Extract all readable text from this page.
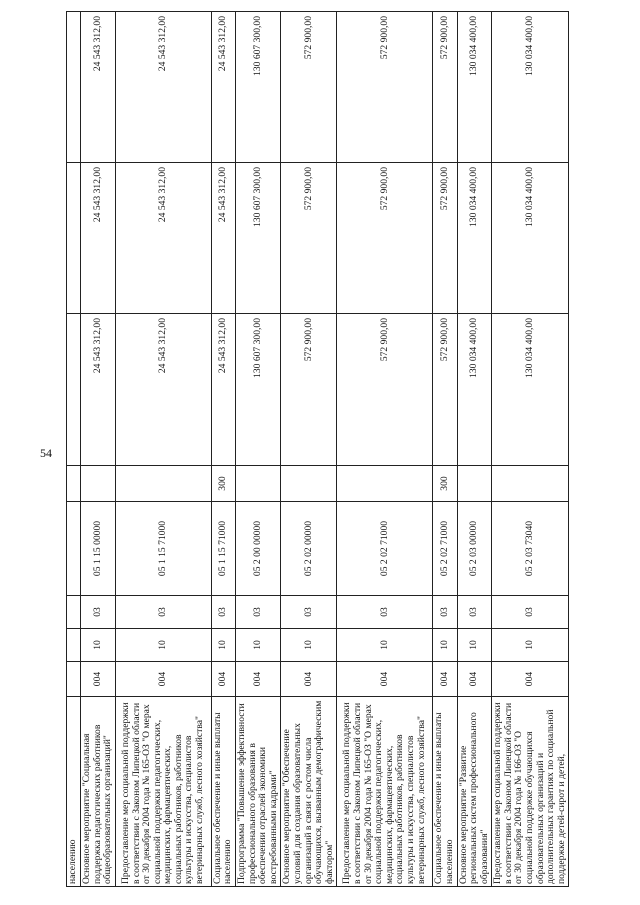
54
населению								
Основное мероприятие "Социальная поддержка педагогических работников общеобразовательных организаций"	004	10	03	05 1 15 00000		24 543 312,00	24 543 312,00	24 543 312,00
Предоставление мер социальной поддержки в соответствии с Законом Липецкой области от 30 декабря 2004 года № 165-ОЗ "О мерах социальной поддержки педагогических, медицинских, фармацевтических, социальных работников, работников культуры и искусства, специалистов ветеринарных служб, лесного хозяйства"	004	10	03	05 1 15 71000		24 543 312,00	24 543 312,00	24 543 312,00
Социальное обеспечение и иные выплаты населению	004	10	03	05 1 15 71000	300	24 543 312,00	24 543 312,00	24 543 312,00
Подпрограмма "Повышение эффективности профессионального образования в обеспечении отраслей экономики востребованными кадрами"	004	10	03	05 2 00 00000		130 607 300,00	130 607 300,00	130 607 300,00
Основное мероприятие "Обеспечение условий для создания образовательных организаций в связи с ростом числа обучающихся, вызванным демографическим фактором"	004	10	03	05 2 02 00000		572 900,00	572 900,00	572 900,00
Предоставление мер социальной поддержки в соответствии с Законом Липецкой области от 30 декабря 2004 года № 165-ОЗ "О мерах социальной поддержки педагогических, медицинских, фармацевтических, социальных работников, работников культуры и искусства, специалистов ветеринарных служб, лесного хозяйства"	004	10	03	05 2 02 71000		572 900,00	572 900,00	572 900,00
Социальное обеспечение и иные выплаты населению	004	10	03	05 2 02 71000	300	572 900,00	572 900,00	572 900,00
Основное мероприятие "Развитие региональных систем профессионального образования"	004	10	03	05 2 03 00000		130 034 400,00	130 034 400,00	130 034 400,00
Предоставление мер социальной поддержки в соответствии с Законом Липецкой области от 30 декабря 2004 года № 166-ОЗ "О социальной поддержке обучающихся образовательных организаций и дополнительных гарантиях по социальной поддержке детей-сирот и детей,	004	10	03	05 2 03 73040		130 034 400,00	130 034 400,00	130 034 400,00
